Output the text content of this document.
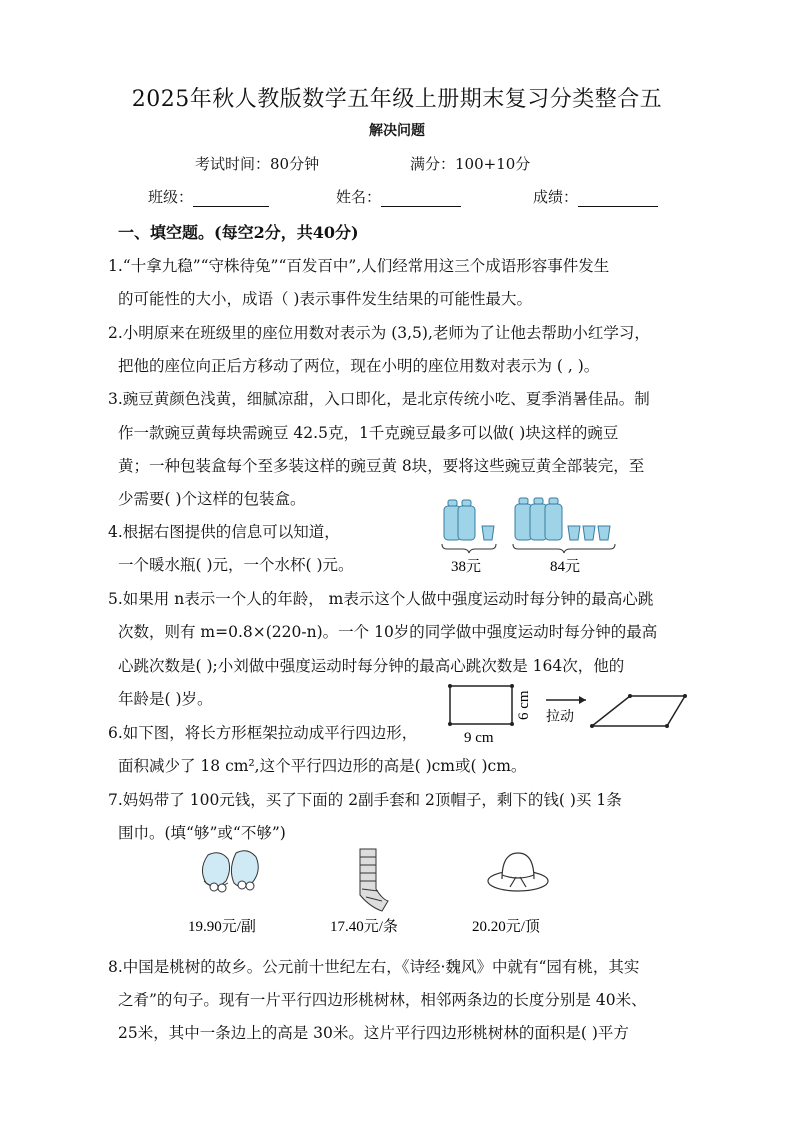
2025年秋人教版数学五年级上册期末复习分类整合五
解决问题
考试时间：80分钟	满分：100+10分
班级：	姓名：	成绩：
一、填空题。(每空2分，共40分)
1.“十拿九稳”“守株待兔”“百发百中”,人们经常用这三个成语形容事件发生
的可能性的大小，成语（ )表示事件发生结果的可能性最大。
2.小明原来在班级里的座位用数对表示为 (3,5),老师为了让他去帮助小红学习，
把他的座位向正后方移动了两位，现在小明的座位用数对表示为 ( , )。
3.豌豆黄颜色浅黄，细腻凉甜，入口即化，是北京传统小吃、夏季消暑佳品。制
作一款豌豆黄每块需豌豆 42.5克，1千克豌豆最多可以做( )块这样的豌豆
黄；一种包装盒每个至多装这样的豌豆黄 8块，要将这些豌豆黄全部装完，至
少需要( )个这样的包装盒。
4.根据右图提供的信息可以知道，
一个暖水瓶( )元，一个水杯( )元。	38元	84元
5.如果用 n表示一个人的年龄， m表示这个人做中强度运动时每分钟的最高心跳
次数，则有 m=0.8×(220-n)。一个 10岁的同学做中强度运动时每分钟的最高
心跳次数是( );小刘做中强度运动时每分钟的最高心跳次数是 164次，他的
年龄是( )岁。
6.如下图，将长方形框架拉动成平行四边形，
面积减少了 18 cm²,这个平行四边形的高是( )cm或( )cm。
9 cm
6 cm 拉动
7.妈妈带了 100元钱，买了下面的 2副手套和 2顶帽子，剩下的钱( )买 1条
围巾。(填“够”或“不够”)
19.90元/副	17.40元/条	20.20元/顶
8.中国是桃树的故乡。公元前十世纪左右，《诗经·魏风》中就有“园有桃，其实
之肴”的句子。现有一片平行四边形桃树林，相邻两条边的长度分别是 40米、
25米，其中一条边上的高是 30米。这片平行四边形桃树林的面积是( )平方
